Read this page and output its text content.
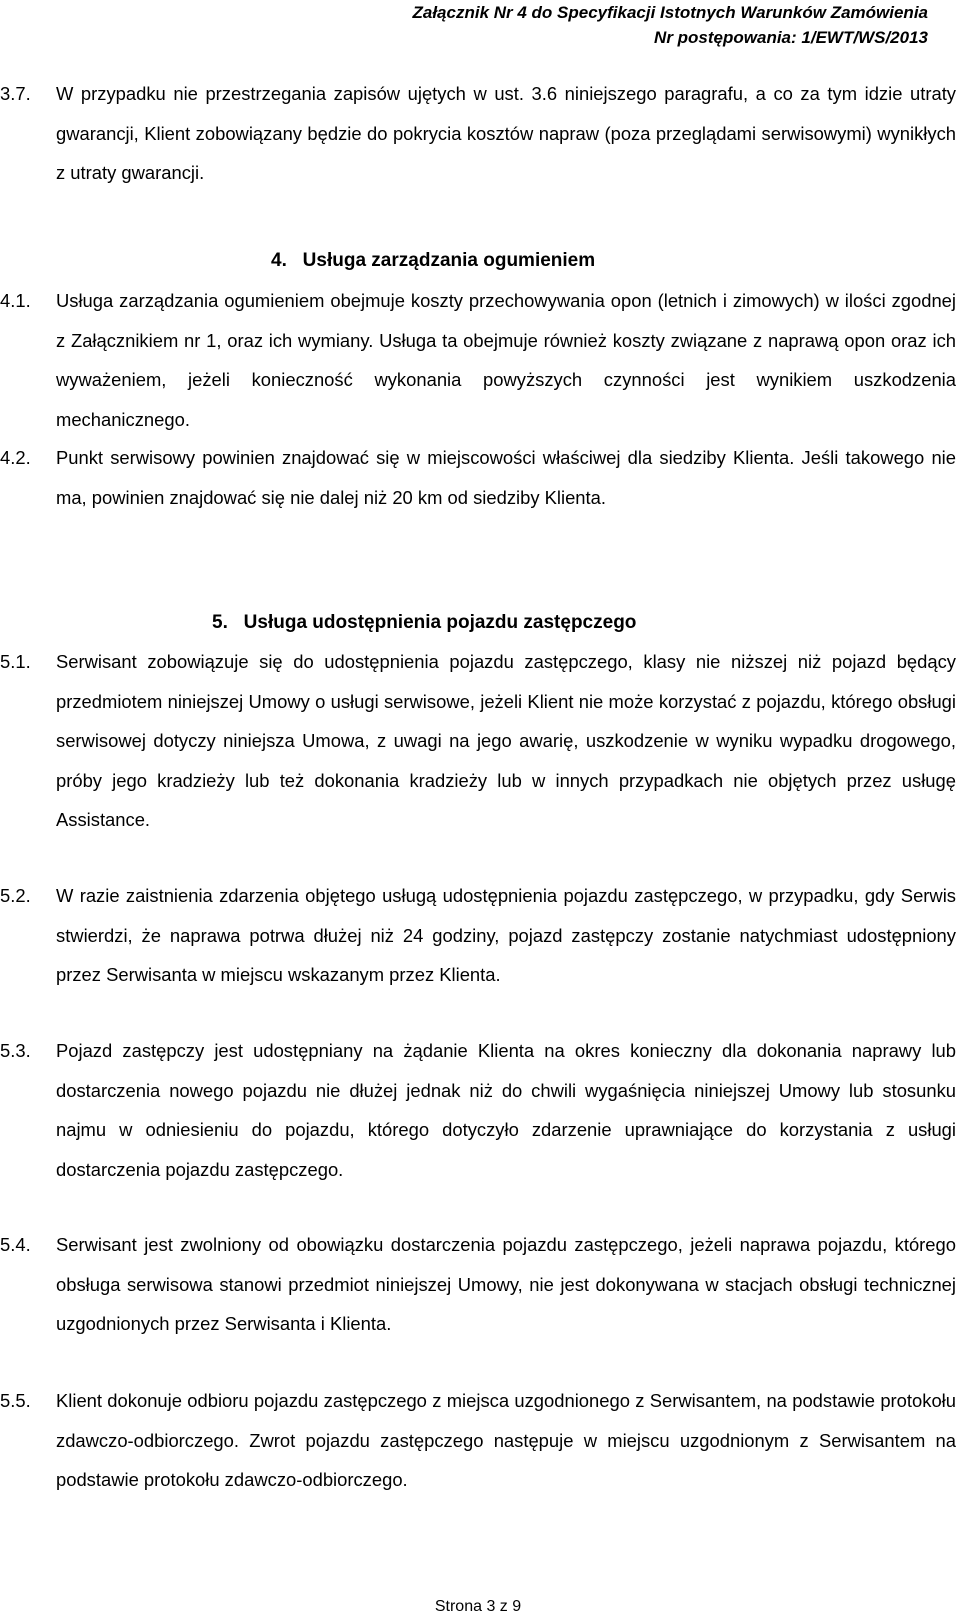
Załącznik Nr 4 do Specyfikacji Istotnych Warunków Zamówienia
Nr postępowania: 1/EWT/WS/2013
3.7.	W przypadku nie przestrzegania zapisów ujętych w ust. 3.6 niniejszego paragrafu, a co za tym idzie utraty gwarancji, Klient zobowiązany będzie do pokrycia kosztów napraw (poza przeglądami serwisowymi) wynikłych z utraty gwarancji.
4.   Usługa zarządzania ogumieniem
4.1.	Usługa zarządzania ogumieniem obejmuje koszty przechowywania opon (letnich i zimowych) w ilości zgodnej z Załącznikiem nr 1, oraz ich wymiany. Usługa ta obejmuje również koszty związane z naprawą opon oraz ich wyważeniem, jeżeli konieczność wykonania powyższych czynności jest wynikiem uszkodzenia mechanicznego.
4.2.	Punkt serwisowy powinien znajdować się w miejscowości właściwej dla siedziby Klienta. Jeśli takowego nie ma, powinien znajdować się nie dalej niż 20 km od siedziby Klienta.
5.   Usługa udostępnienia pojazdu zastępczego
5.1.	Serwisant zobowiązuje się do udostępnienia pojazdu zastępczego, klasy nie niższej niż pojazd będący przedmiotem niniejszej Umowy o usługi serwisowe, jeżeli Klient nie może korzystać z pojazdu, którego obsługi serwisowej dotyczy niniejsza Umowa, z uwagi na jego awarię, uszkodzenie w wyniku wypadku drogowego, próby jego kradzieży lub też dokonania kradzieży lub w innych przypadkach nie objętych przez usługę Assistance.
5.2.	W razie zaistnienia zdarzenia objętego usługą udostępnienia pojazdu zastępczego, w przypadku, gdy Serwis stwierdzi, że naprawa potrwa dłużej niż 24 godziny, pojazd zastępczy zostanie natychmiast udostępniony przez Serwisanta w miejscu wskazanym przez Klienta.
5.3.	Pojazd zastępczy jest udostępniany na żądanie Klienta na okres konieczny dla dokonania naprawy lub dostarczenia nowego pojazdu nie dłużej jednak niż do chwili wygaśnięcia niniejszej Umowy lub stosunku najmu w odniesieniu do pojazdu, którego dotyczyło zdarzenie uprawniające do korzystania z usługi dostarczenia pojazdu zastępczego.
5.4.	Serwisant jest zwolniony od obowiązku dostarczenia pojazdu zastępczego, jeżeli naprawa pojazdu, którego obsługa serwisowa stanowi przedmiot niniejszej Umowy, nie jest dokonywana w stacjach obsługi technicznej uzgodnionych przez Serwisanta i Klienta.
5.5.	Klient dokonuje odbioru pojazdu zastępczego z miejsca uzgodnionego z Serwisantem, na podstawie protokołu zdawczo-odbiorczego. Zwrot pojazdu zastępczego następuje w miejscu uzgodnionym z Serwisantem na podstawie protokołu zdawczo-odbiorczego.
Strona 3 z 9
